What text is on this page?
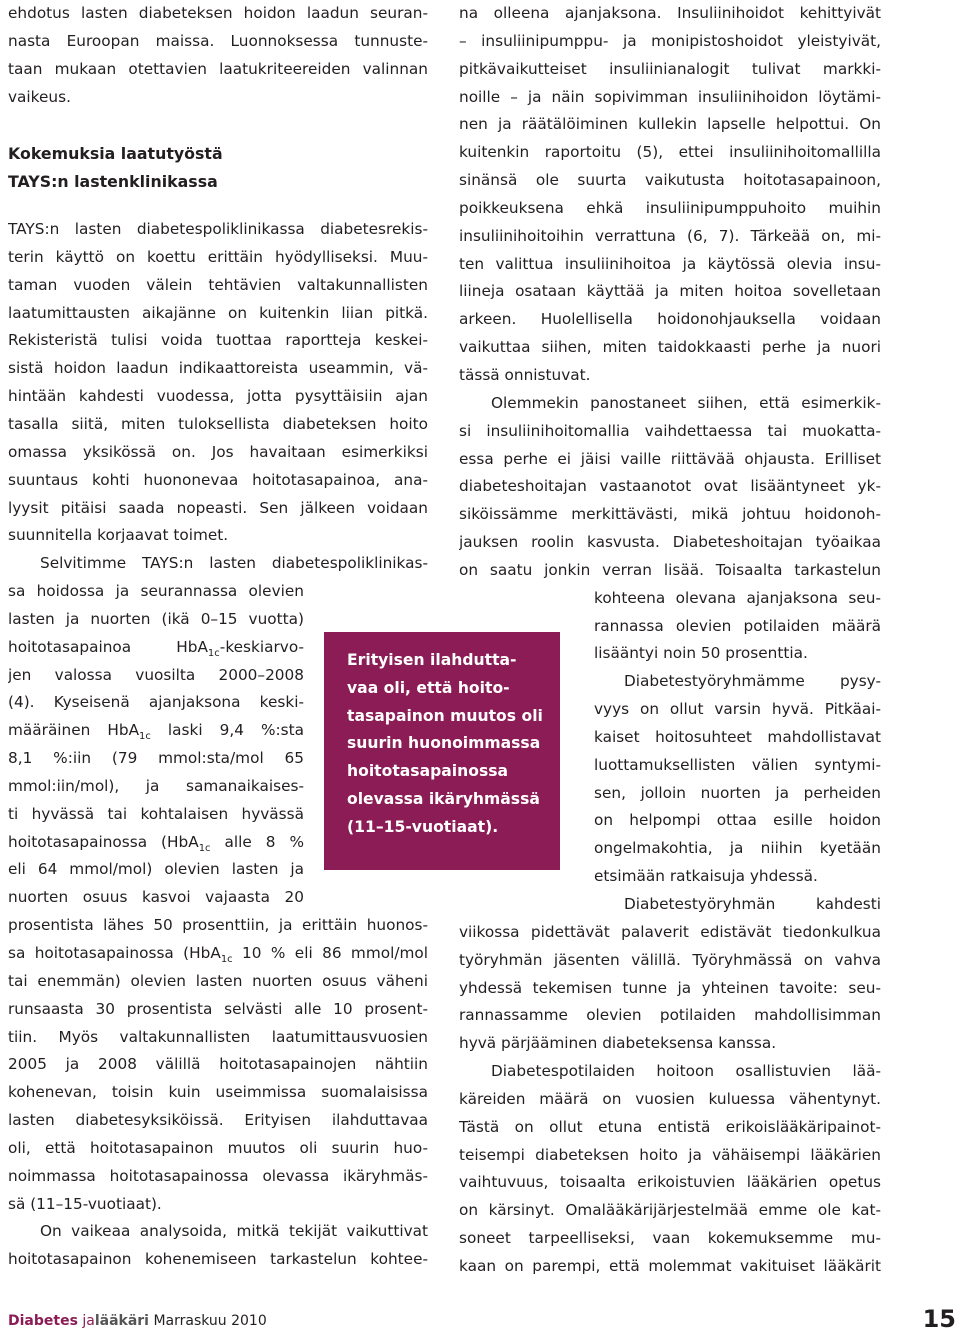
ehdotus lasten diabeteksen hoidon laadun seuran-
nasta Euroopan maissa. Luonnoksessa tunnuste-
taan mukaan otettavien laatukriteereiden valinnan
vaikeus.
Kokemuksia laatutyöstä
TAYS:n lastenklinikassa
TAYS:n lasten diabetespoliklinikassa diabetesrekis-
terin käyttö on koettu erittäin hyödylliseksi. Muu-
taman vuoden välein tehtävien valtakunnallisten
laatumittausten aikajänne on kuitenkin liian pitkä.
Rekisteristä tulisi voida tuottaa raportteja keskei-
sistä hoidon laadun indikaattoreista useammin, vä-
hintään kahdesti vuodessa, jotta pysyttäisiin ajan
tasalla siitä, miten tuloksellista diabeteksen hoito
omassa yksikössä on. Jos havaitaan esimerkiksi
suuntaus kohti huononevaa hoitotasapainoa, ana-
lyysit pitäisi saada nopeasti. Sen jälkeen voidaan
suunnitella korjaavat toimet.
Selvitimme TAYS:n lasten diabetespoliklinikas-
sa hoidossa ja seurannassa olevien
lasten ja nuorten (ikä 0–15 vuotta)
hoitotasapainoa HbA$_{1c}$-keskiarvo-
jen valossa vuosilta 2000–2008
(4). Kyseisenä ajanjaksona keski-
määräinen HbA$_{1c}$ laski 9,4 %:sta
8,1 %:iin (79 mmol:sta/mol 65
mmol:iin/mol), ja samanaikaises-
ti hyvässä tai kohtalaisen hyvässä
hoitotasapainossa (HbA$_{1c}$ alle 8 %
eli 64 mmol/mol) olevien lasten ja
nuorten osuus kasvoi vajaasta 20
prosentista lähes 50 prosenttiin, ja erittäin huonos-
sa hoitotasapainossa (HbA$_{1c}$ 10 % eli 86 mmol/mol
tai enemmän) olevien lasten nuorten osuus väheni
runsaasta 30 prosentista selvästi alle 10 prosent-
tiin. Myös valtakunnallisten laatumittausvuosien
2005 ja 2008 välillä hoitotasapainojen nähtiin
kohenevan, toisin kuin useimmissa suomalaisissa
lasten diabetesyksiköissä. Erityisen ilahduttavaa
oli, että hoitotasapainon muutos oli suurin huo-
noimmassa hoitotasapainossa olevassa ikäryhmäs-
sä (11–15-vuotiaat).
On vaikeaa analysoida, mitkä tekijät vaikuttivat
hoitotasapainon kohenemiseen tarkastelun kohtee-
Erityisen ilahdutta-
vaa oli, että hoito-
tasapainon muutos oli
suurin huonoimmassa
hoitotasapainossa
olevassa ikäryhmässä
(11–15-vuotiaat).
na olleena ajanjaksona. Insuliinihoidot kehittyivät
– insuliinipumppu- ja monipistoshoidot yleistyivät,
pitkävaikutteiset insuliinianalogit tulivat markki-
noille – ja näin sopivimman insuliinihoidon löytämi-
nen ja räätälöiminen kullekin lapselle helpottui. On
kuitenkin raportoitu (5), ettei insuliinihoitomallilla
sinänsä ole suurta vaikutusta hoitotasapainoon,
poikkeuksena ehkä insuliinipumppuhoito muihin
insuliinihoitoihin verrattuna (6, 7). Tärkeää on, mi-
ten valittua insuliinihoitoa ja käytössä olevia insu-
liineja osataan käyttää ja miten hoitoa sovelletaan
arkeen. Huolellisella hoidonohjauksella voidaan
vaikuttaa siihen, miten taidokkaasti perhe ja nuori
tässä onnistuvat.
Olemmekin panostaneet siihen, että esimerkik-
si insuliinihoitomallia vaihdettaessa tai muokatta-
essa perhe ei jäisi vaille riittävää ohjausta. Erilliset
diabeteshoitajan vastaanotot ovat lisääntyneet yk-
siköissämme merkittävästi, mikä johtuu hoidonoh-
jauksen roolin kasvusta. Diabeteshoitajan työaikaa
on saatu jonkin verran lisää. Toisaalta tarkastelun
kohteena olevana ajanjaksona seu-
rannassa olevien potilaiden määrä
lisääntyi noin 50 prosenttia.
Diabetestyöryhmämme pysy-
vyys on ollut varsin hyvä. Pitkäai-
kaiset hoitosuhteet mahdollistavat
luottamuksellisten välien syntymi-
sen, jolloin nuorten ja perheiden
on helpompi ottaa esille hoidon
ongelmakohtia, ja niihin kyetään
etsimään ratkaisuja yhdessä.
Diabetestyöryhmän kahdesti
viikossa pidettävät palaverit edistävät tiedonkulkua
työryhmän jäsenten välillä. Työryhmässä on vahva
yhdessä tekemisen tunne ja yhteinen tavoite: seu-
rannassamme olevien potilaiden mahdollisimman
hyvä pärjääminen diabeteksensa kanssa.
Diabetespotilaiden hoitoon osallistuvien lää-
käreiden määrä on vuosien kuluessa vähentynyt.
Tästä on ollut etuna entistä erikoislääkäripainot-
teisempi diabeteksen hoito ja vähäisempi lääkärien
vaihtuvuus, toisaalta erikoistuvien lääkärien opetus
on kärsinyt. Omalääkärijärjestelmää emme ole kat-
soneet tarpeelliseksi, vaan kokemuksemme mu-
kaan on parempi, että molemmat vakituiset lääkärit
Diabetes jalääkäri Marraskuu 2010	15
